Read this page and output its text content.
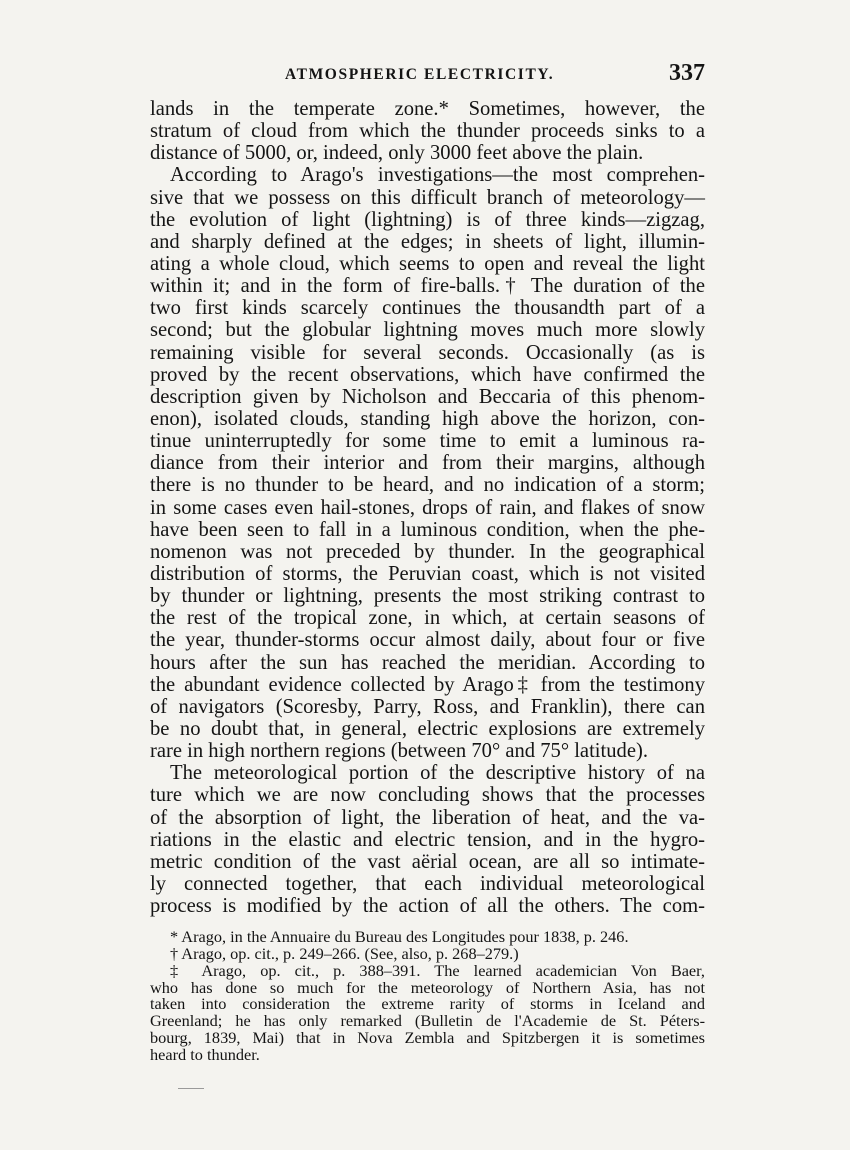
ATMOSPHERIC ELECTRICITY.	337
lands in the temperate zone.* Sometimes, however, the
stratum of cloud from which the thunder proceeds sinks to a
distance of 5000, or, indeed, only 3000 feet above the plain.
According to Arago's investigations—the most comprehen-
sive that we possess on this difficult branch of meteorology—
the evolution of light (lightning) is of three kinds—zigzag,
and sharply defined at the edges; in sheets of light, illumin-
ating a whole cloud, which seems to open and reveal the light
within it; and in the form of fire-balls.† The duration of the
two first kinds scarcely continues the thousandth part of a
second; but the globular lightning moves much more slowly
remaining visible for several seconds. Occasionally (as is
proved by the recent observations, which have confirmed the
description given by Nicholson and Beccaria of this phenom-
enon), isolated clouds, standing high above the horizon, con-
tinue uninterruptedly for some time to emit a luminous ra-
diance from their interior and from their margins, although
there is no thunder to be heard, and no indication of a storm;
in some cases even hail-stones, drops of rain, and flakes of snow
have been seen to fall in a luminous condition, when the phe-
nomenon was not preceded by thunder. In the geographical
distribution of storms, the Peruvian coast, which is not visited
by thunder or lightning, presents the most striking contrast to
the rest of the tropical zone, in which, at certain seasons of
the year, thunder-storms occur almost daily, about four or five
hours after the sun has reached the meridian. According to
the abundant evidence collected by Arago‡ from the testimony
of navigators (Scoresby, Parry, Ross, and Franklin), there can
be no doubt that, in general, electric explosions are extremely
rare in high northern regions (between 70° and 75° latitude).
The meteorological portion of the descriptive history of na
ture which we are now concluding shows that the processes
of the absorption of light, the liberation of heat, and the va-
riations in the elastic and electric tension, and in the hygro-
metric condition of the vast aërial ocean, are all so intimate-
ly connected together, that each individual meteorological
process is modified by the action of all the others. The com-
* Arago, in the Annuaire du Bureau des Longitudes pour 1838, p. 246.
† Arago, op. cit., p. 249–266. (See, also, p. 268–279.)
‡ Arago, op. cit., p. 388–391. The learned academician Von Baer,
who has done so much for the meteorology of Northern Asia, has not
taken into consideration the extreme rarity of storms in Iceland and
Greenland; he has only remarked (Bulletin de l'Academie de St. Péters-
bourg, 1839, Mai) that in Nova Zembla and Spitzbergen it is sometimes
heard to thunder.
